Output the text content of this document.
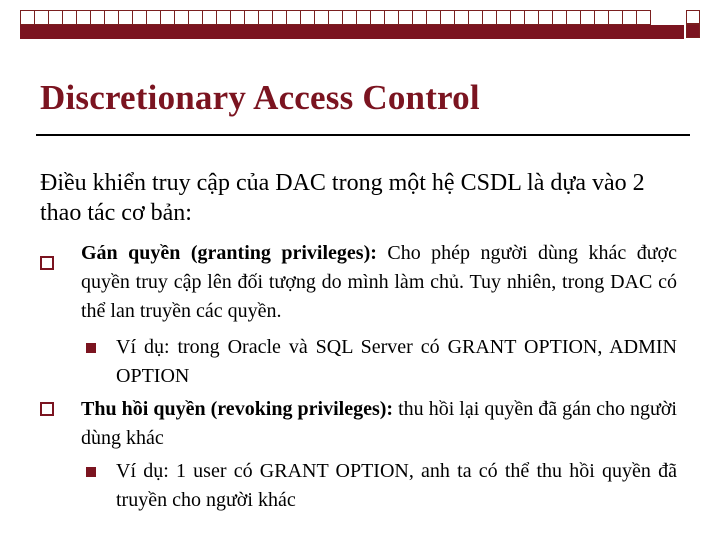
Discretionary Access Control
Điều khiển truy cập của DAC trong một hệ CSDL là dựa vào 2 thao tác cơ bản:
Gán quyền (granting privileges): Cho phép người dùng khác được quyền truy cập lên đối tượng do mình làm chủ. Tuy nhiên, trong DAC có thể lan truyền các quyền.
Ví dụ: trong Oracle và SQL Server có GRANT OPTION, ADMIN OPTION
Thu hồi quyền (revoking privileges): thu hồi lại quyền đã gán cho người dùng khác
Ví dụ: 1 user có GRANT OPTION, anh ta có thể thu hồi quyền đã truyền cho người khác
